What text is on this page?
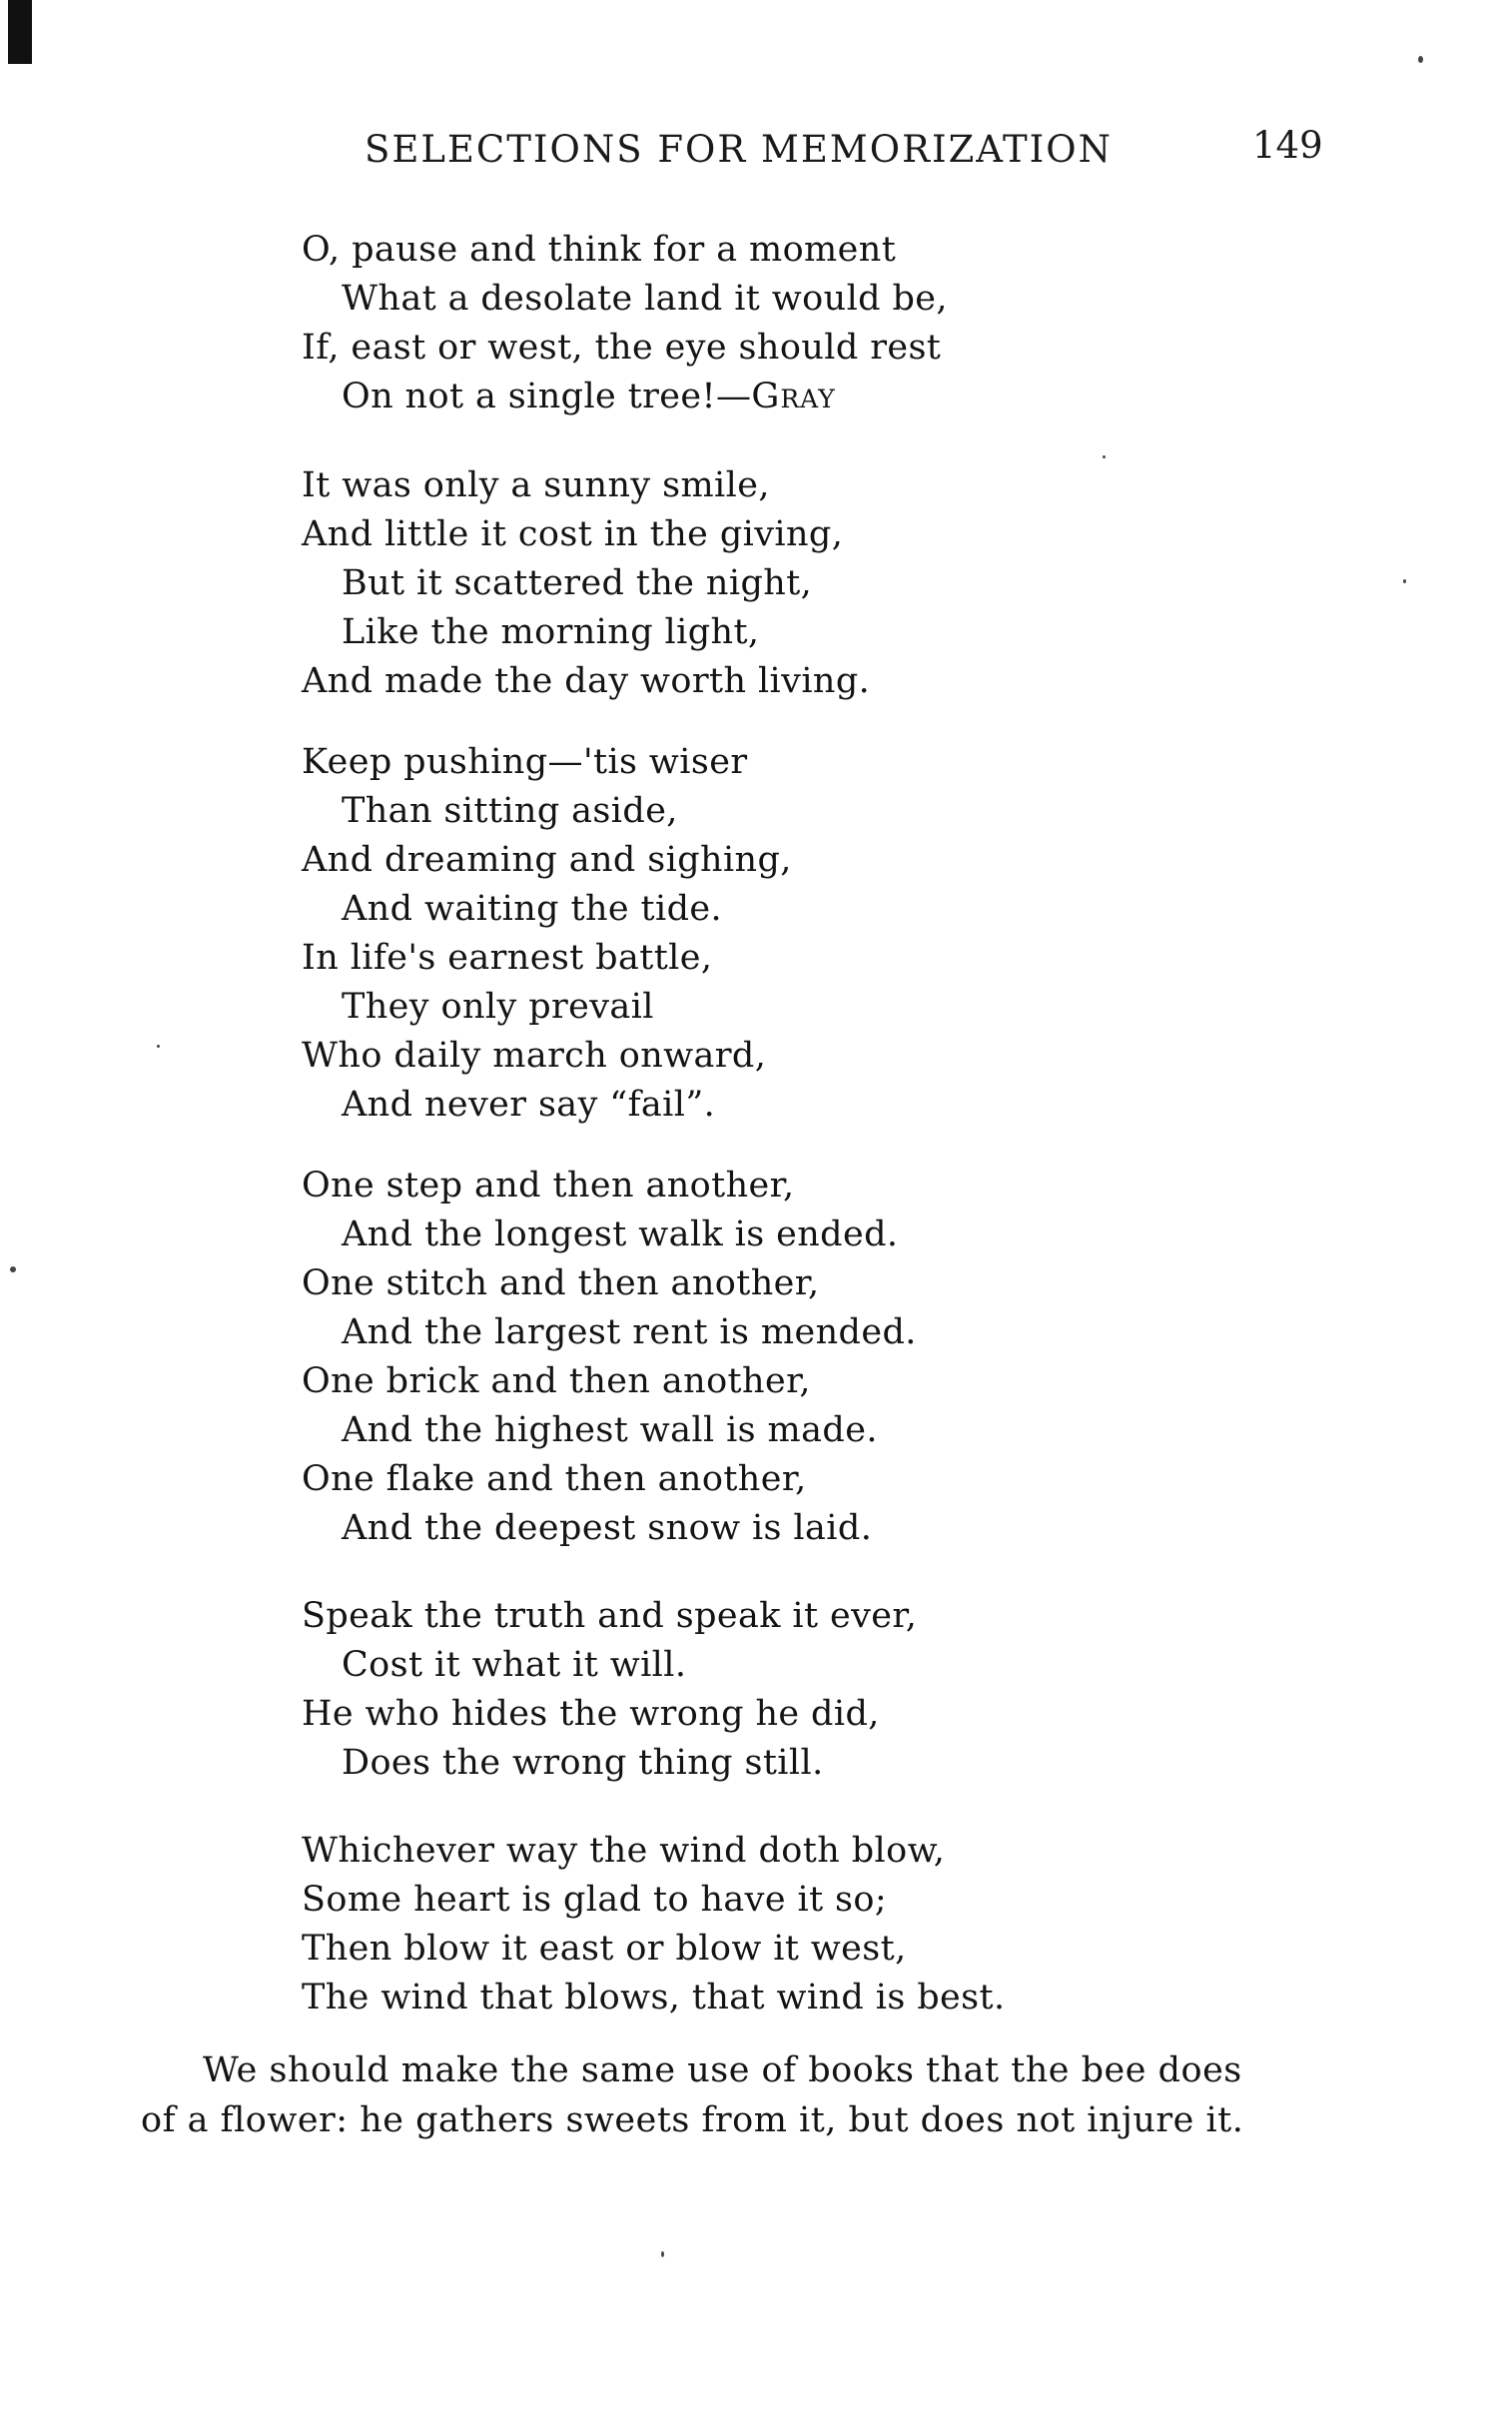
SELECTIONS FOR MEMORIZATION	149
O, pause and think for a moment
What a desolate land it would be,
If, east or west, the eye should rest
On not a single tree!—Gray
It was only a sunny smile,
And little it cost in the giving,
But it scattered the night,
Like the morning light,
And made the day worth living.
Keep pushing—'tis wiser
Than sitting aside,
And dreaming and sighing,
And waiting the tide.
In life's earnest battle,
They only prevail
Who daily march onward,
And never say “fail”.
One step and then another,
And the longest walk is ended.
One stitch and then another,
And the largest rent is mended.
One brick and then another,
And the highest wall is made.
One flake and then another,
And the deepest snow is laid.
Speak the truth and speak it ever,
Cost it what it will.
He who hides the wrong he did,
Does the wrong thing still.
Whichever way the wind doth blow,
Some heart is glad to have it so;
Then blow it east or blow it west,
The wind that blows, that wind is best.
We should make the same use of books that the bee does
of a flower: he gathers sweets from it, but does not injure it.
